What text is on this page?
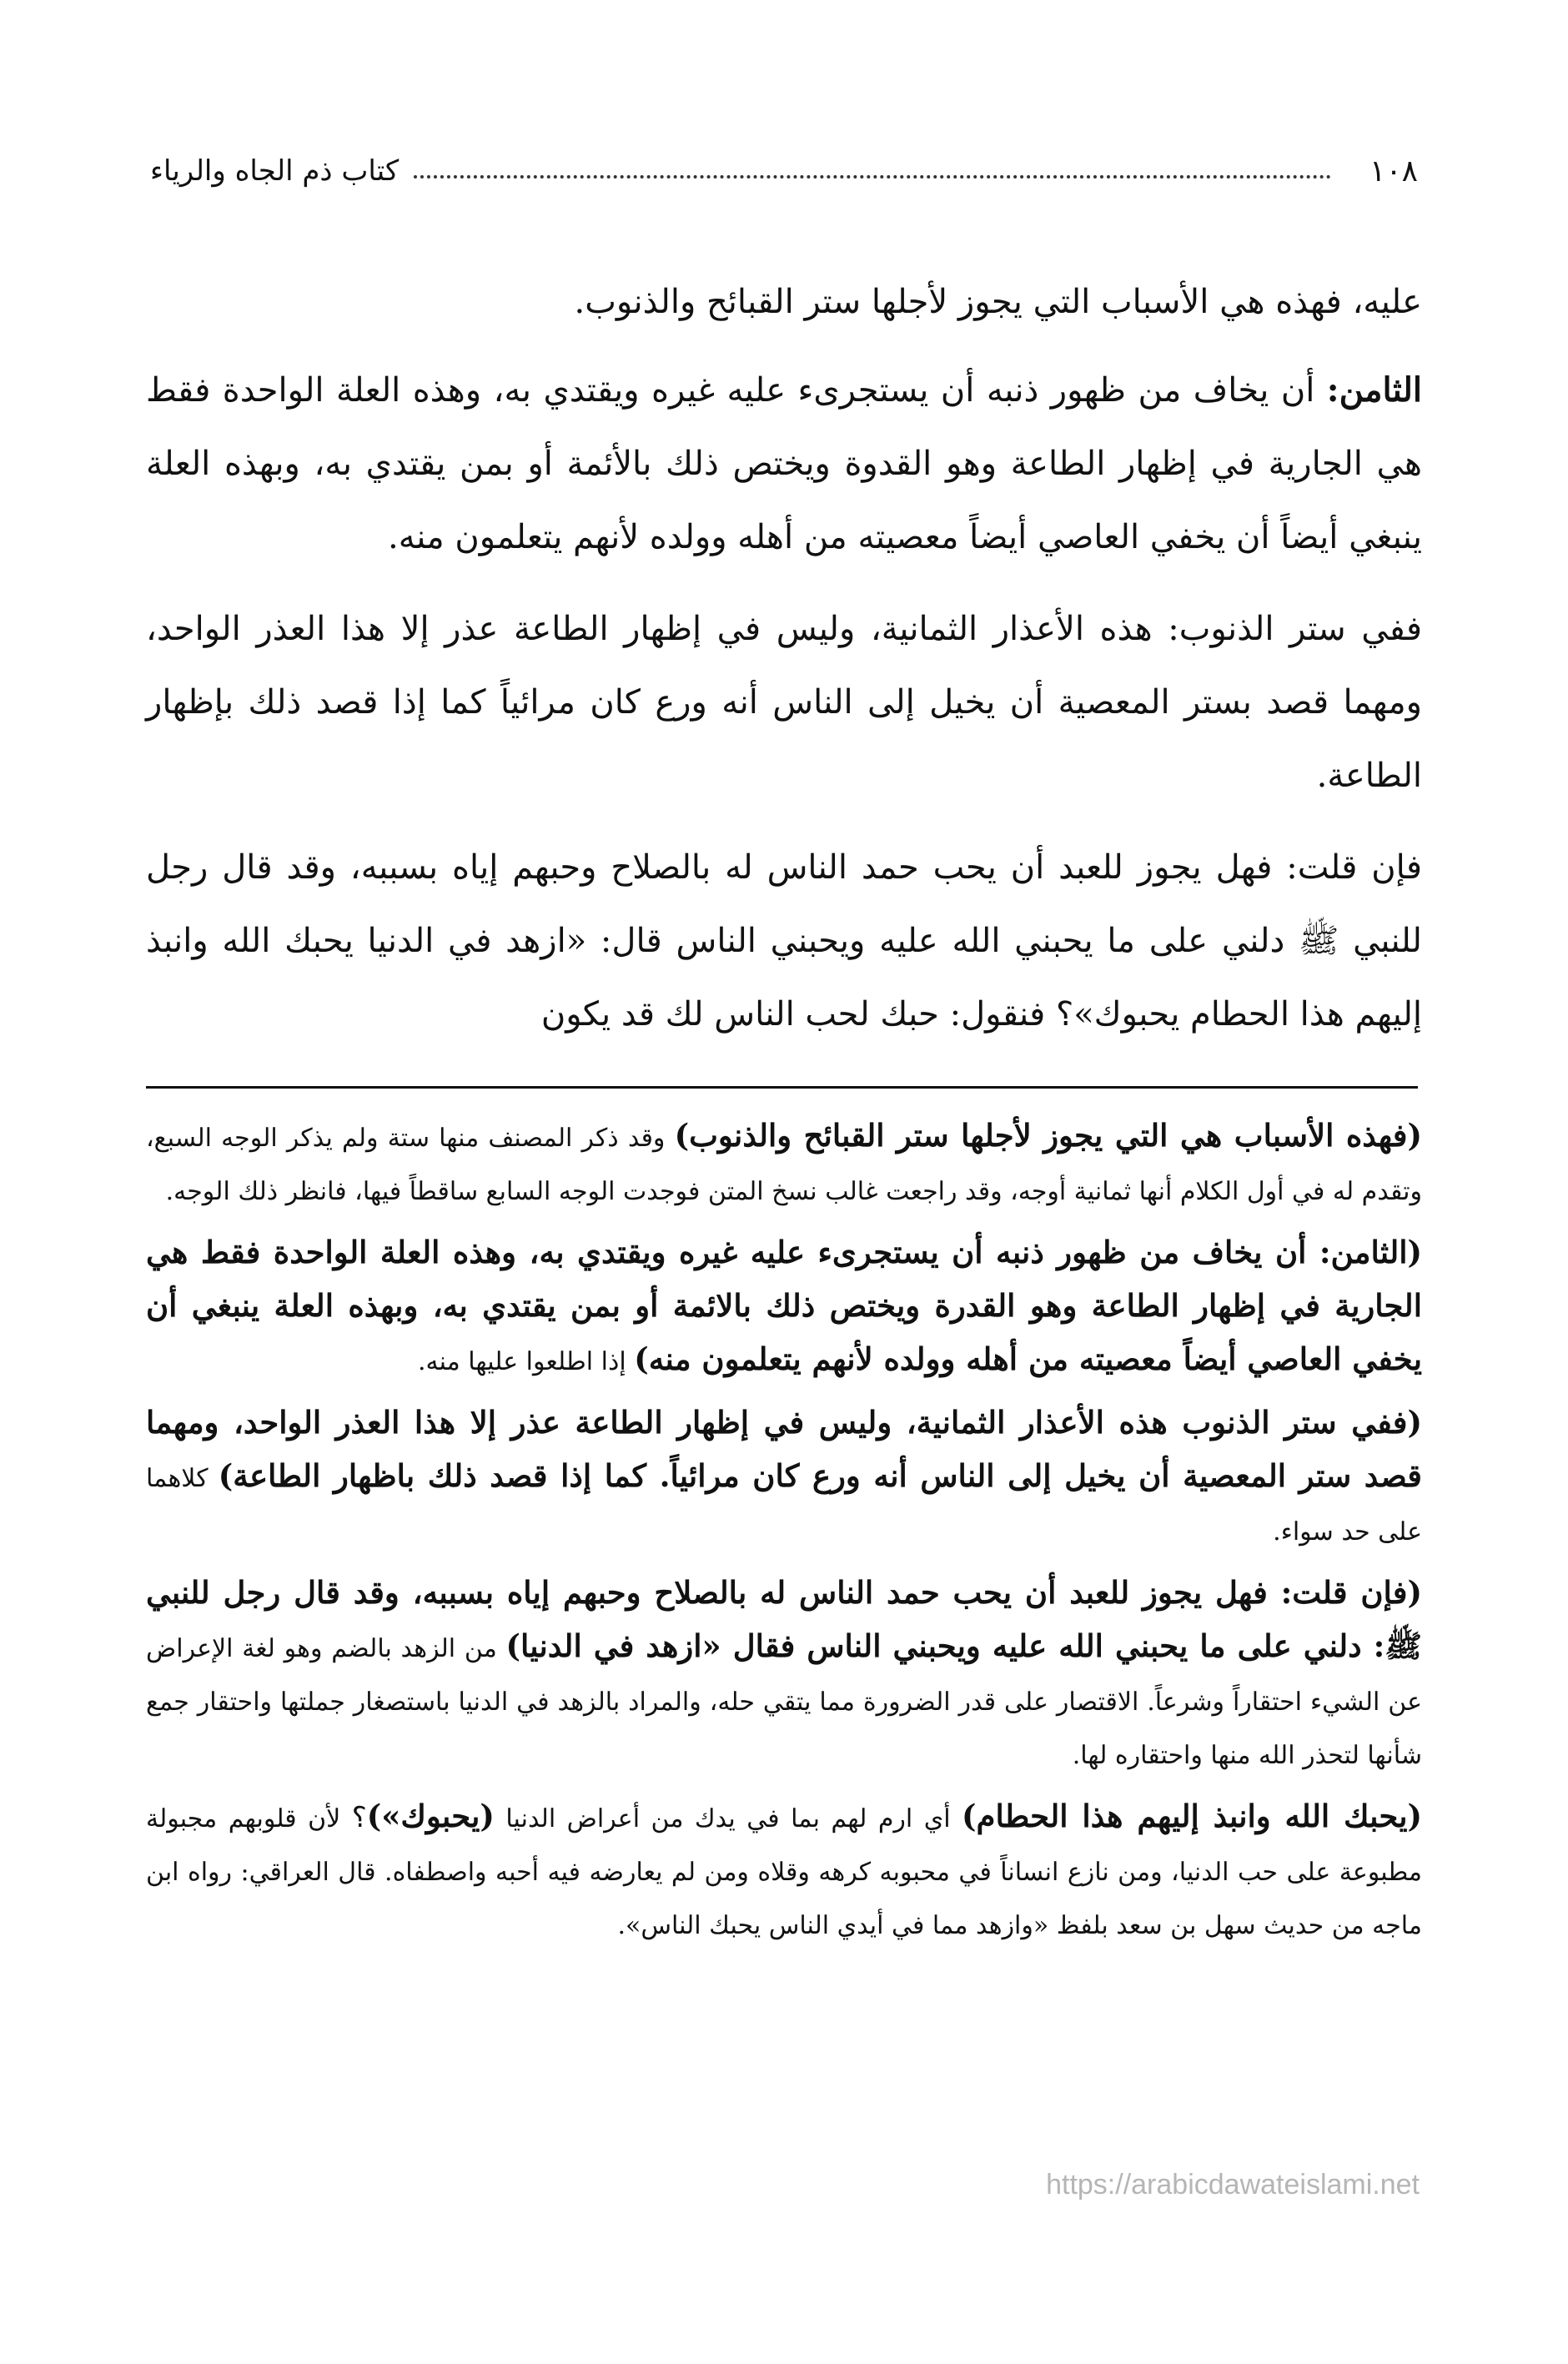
١٠٨
كتاب ذم الجاه والرياء

عليه، فهذه هي الأسباب التي يجوز لأجلها ستر القبائح والذنوب.

الثامن: أن يخاف من ظهور ذنبه أن يستجرىء عليه غيره ويقتدي به، وهذه العلة الواحدة فقط هي الجارية في إظهار الطاعة وهو القدوة ويختص ذلك بالأئمة أو بمن يقتدي به، وبهذه العلة ينبغي أيضاً أن يخفي العاصي أيضاً معصيته من أهله وولده لأنهم يتعلمون منه.

ففي ستر الذنوب: هذه الأعذار الثمانية، وليس في إظهار الطاعة عذر إلا هذا العذر الواحد، ومهما قصد بستر المعصية أن يخيل إلى الناس أنه ورع كان مرائياً كما إذا قصد ذلك بإظهار الطاعة.

فإن قلت: فهل يجوز للعبد أن يحب حمد الناس له بالصلاح وحبهم إياه بسببه، وقد قال رجل للنبي ﷺ دلني على ما يحبني الله عليه ويحبني الناس قال: «ازهد في الدنيا يحبك الله وانبذ إليهم هذا الحطام يحبوك»؟ فنقول: حبك لحب الناس لك قد يكون

(فهذه الأسباب هي التي يجوز لأجلها ستر القبائح والذنوب) وقد ذكر المصنف منها ستة ولم يذكر الوجه السبع، وتقدم له في أول الكلام أنها ثمانية أوجه، وقد راجعت غالب نسخ المتن فوجدت الوجه السابع ساقطاً فيها، فانظر ذلك الوجه.

(الثامن: أن يخاف من ظهور ذنبه أن يستجرىء عليه غيره ويقتدي به، وهذه العلة الواحدة فقط هي الجارية في إظهار الطاعة وهو القدرة ويختص ذلك بالائمة أو بمن يقتدي به، وبهذه العلة ينبغي أن يخفي العاصي أيضاً معصيته من أهله وولده لأنهم يتعلمون منه) إذا اطلعوا عليها منه.

(ففي ستر الذنوب هذه الأعذار الثمانية، وليس في إظهار الطاعة عذر إلا هذا العذر الواحد، ومهما قصد ستر المعصية أن يخيل إلى الناس أنه ورع كان مرائياً. كما إذا قصد ذلك باظهار الطاعة) كلاهما على حد سواء.

(فإن قلت: فهل يجوز للعبد أن يحب حمد الناس له بالصلاح وحبهم إياه بسببه، وقد قال رجل للنبي ﷺ: دلني على ما يحبني الله عليه ويحبني الناس فقال «ازهد في الدنيا) من الزهد بالضم وهو لغة الإعراض عن الشيء احتقاراً وشرعاً. الاقتصار على قدر الضرورة مما يتقي حله، والمراد بالزهد في الدنيا باستصغار جملتها واحتقار جمع شأنها لتحذر الله منها واحتقاره لها.

(يحبك الله وانبذ إليهم هذا الحطام) أي ارم لهم بما في يدك من أعراض الدنيا (يحبوك»)؟ لأن قلوبهم مجبولة مطبوعة على حب الدنيا، ومن نازع انساناً في محبوبه كرهه وقلاه ومن لم يعارضه فيه أحبه واصطفاه. قال العراقي: رواه ابن ماجه من حديث سهل بن سعد بلفظ «وازهد مما في أيدي الناس يحبك الناس».

https://arabicdawateislami.net
